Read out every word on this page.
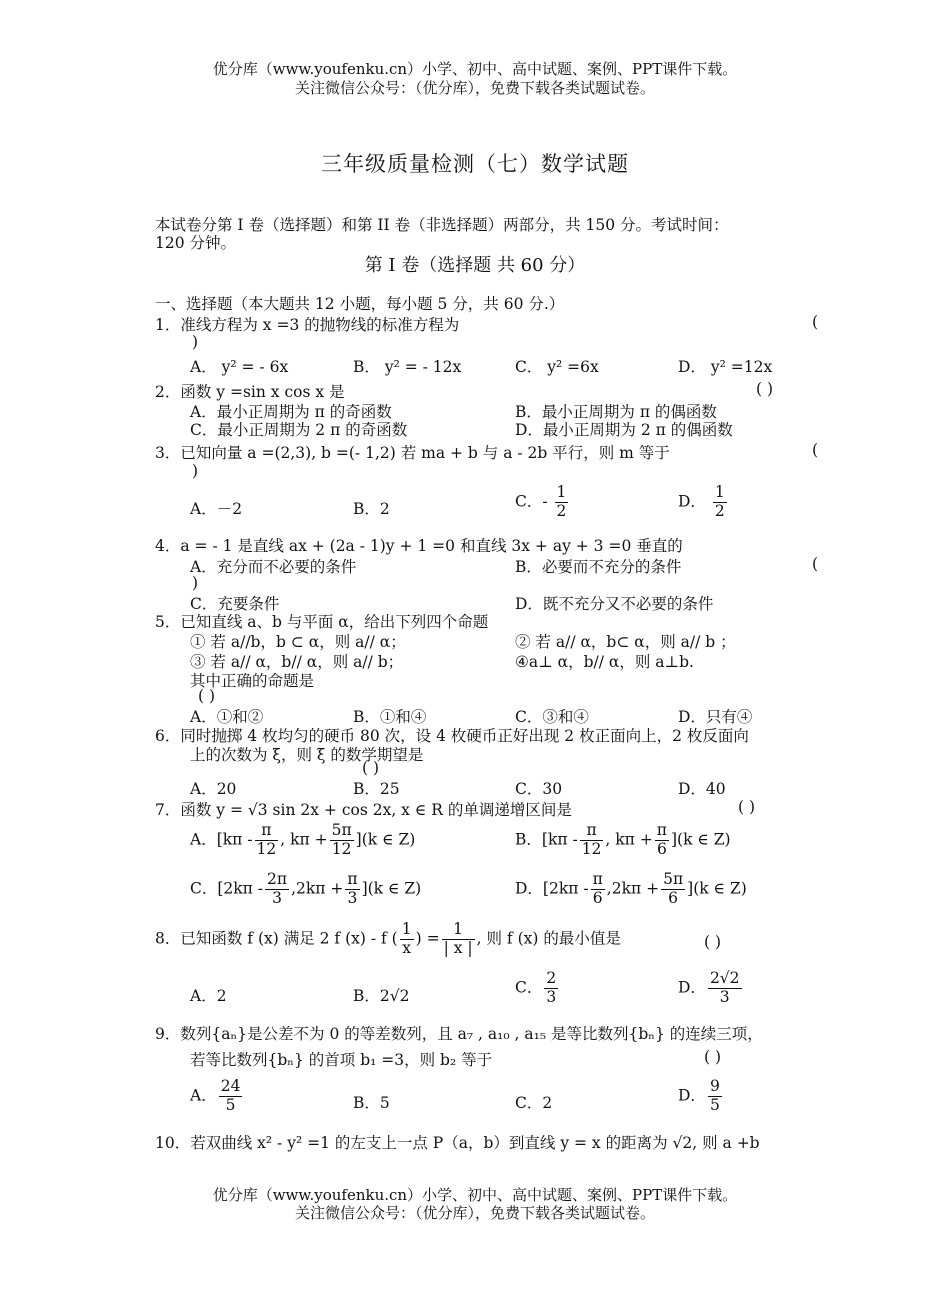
优分库（www.youfenku.cn）小学、初中、高中试题、案例、PPT课件下载。
关注微信公众号：（优分库），免费下载各类试题试卷。
三年级质量检测（七）数学试题
本试卷分第 I 卷（选择题）和第 II 卷（非选择题）两部分，共 150 分。考试时间：
120 分钟。
第 I 卷（选择题 共 60 分）
一、选择题（本大题共 12 小题，每小题 5 分，共 60 分.）
1．准线方程为 x =3 的抛物线的标准方程为	(
)
A． y² = - 6x	B． y² = - 12x	C． y² =6x	D． y² =12x
2．函数 y =sin x cos x 是	( )
A．最小正周期为 π 的奇函数	B．最小正周期为 π 的偶函数
C．最小正周期为 2 π 的奇函数	D．最小正周期为 2 π 的偶函数
3．已知向量 a =(2,3), b =(- 1,2) 若 ma + b 与 a - 2b 平行，则 m 等于	(
)
A．－2	B．2	C．- $\frac{1}{2}$	D． $\frac{1}{2}$
4．a = - 1 是直线 ax + (2a - 1)y + 1 =0 和直线 3x + ay + 3 =0 垂直的
A．充分而不必要的条件	B．必要而不充分的条件	(
)
C．充要条件	D．既不充分又不必要的条件
5．已知直线 a、b 与平面 α，给出下列四个命题
① 若 a//b，b ⊂ α，则 a// α；	② 若 a// α，b⊂ α，则 a// b ；
③ 若 a// α，b// α，则 a// b；	④a⊥ α，b// α，则 a⊥b.
其中正确的命题是
( )
A．①和②	B．①和④	C．③和④	D．只有④
6．同时抛掷 4 枚均匀的硬币 80 次，设 4 枚硬币正好出现 2 枚正面向上，2 枚反面向
上的次数为 ξ，则 ξ 的数学期望是
( )
A．20	B．25	C．30	D．40
7．函数 y = √3 sin 2x + cos 2x, x ∈ R 的单调递增区间是	( )
A．[$k\pi - \frac{\pi}{12}$ , $k\pi + \frac{5\pi}{12} ](k$ ∈ Z)	B．[$k\pi - \frac{\pi}{12}$ , $k\pi + \frac{\pi}{6} ](k$ ∈ Z)
C．$[2k\pi - \frac{2\pi}{3} ,2k\pi + \frac{\pi}{3} ](k$ ∈ Z)	D．$[2k\pi - \frac{\pi}{6} ,2k\pi + \frac{5\pi}{6} ](k$ ∈ Z)
8．已知函数 f (x) 满足 2 f (x) - f ( $\frac{1}{x}$ ) = $\frac{1}{| x |}$ , 则 f (x) 的最小值是	( )
A．2	B．2√2	C． $\frac{2}{3}$	D． $\frac{2√2}{3}$
9．数列{aₙ}是公差不为 0 的等差数列，且 a₇ , a₁₀ , a₁₅ 是等比数列{bₙ} 的连续三项，
若等比数列{bₙ} 的首项 b₁ =3，则 b₂ 等于	( )
A． $\frac{24}{5}$	B．5	C．2	D． $\frac{9}{5}$
10．若双曲线 x² - y² =1 的左支上一点 P（a，b）到直线 y = x 的距离为 √2, 则 a +b
优分库（www.youfenku.cn）小学、初中、高中试题、案例、PPT课件下载。
关注微信公众号：（优分库），免费下载各类试题试卷。
